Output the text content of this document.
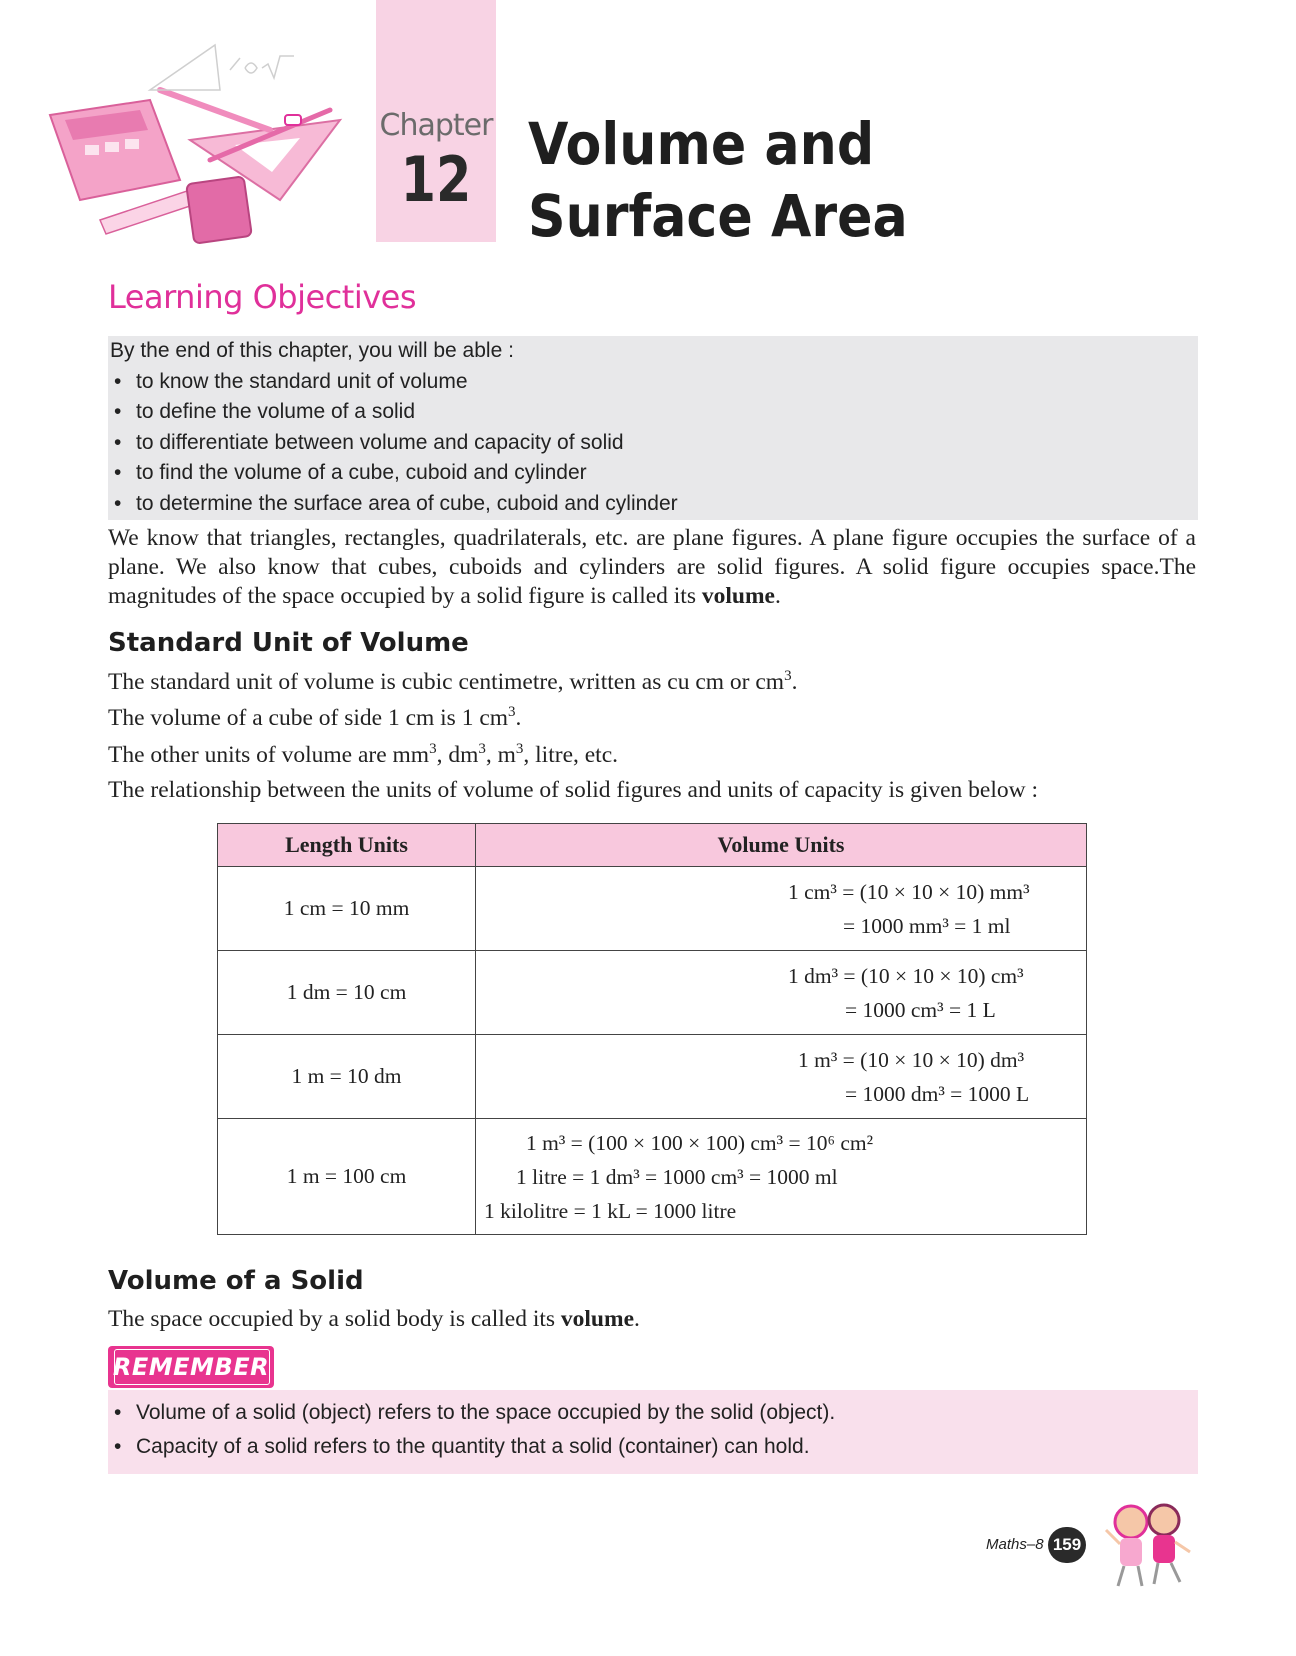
Chapter
12 Volume and Surface Area
Learning Objectives
By the end of this chapter, you will be able :
• to know the standard unit of volume
• to define the volume of a solid
• to differentiate between volume and capacity of solid
• to find the volume of a cube, cuboid and cylinder
• to determine the surface area of cube, cuboid and cylinder

We know that triangles, rectangles, quadrilaterals, etc. are plane figures. A plane figure occupies the surface of a plane. We also know that cubes, cuboids and cylinders are solid figures. A solid figure occupies space.The magnitudes of the space occupied by a solid figure is called its volume.

Standard Unit of Volume
The standard unit of volume is cubic centimetre, written as cu cm or $cm^3$.
The volume of a cube of side 1 cm is 1 $cm^3$.
The other units of volume are $mm^3$, $dm^3$, $m^3$, litre, etc.
The relationship between the units of volume of solid figures and units of capacity is given below :
Length Units	Volume Units
1 cm = 10 mm	1 cm³ = (10 × 10 × 10) mm³
= 1000 mm³ = 1 ml

1 dm = 10 cm	1 dm³ = (10 × 10 × 10) cm³
= 1000 cm³ = 1 L

1 m = 10 dm	1 m³ = (10 × 10 × 10) dm³
= 1000 dm³ = 1000 L

1 m = 100 cm	1 m³ = (100 × 100 × 100) cm³ = 10⁶ cm²
1 litre = 1 dm³ = 1000 cm³ = 1000 ml
1 kilolitre = 1 kL = 1000 litre
Volume of a Solid
The space occupied by a solid body is called its volume.
REMEMBER
• Volume of a solid (object) refers to the space occupied by the solid (object).
• Capacity of a solid refers to the quantity that a solid (container) can hold.
Maths–8 159
